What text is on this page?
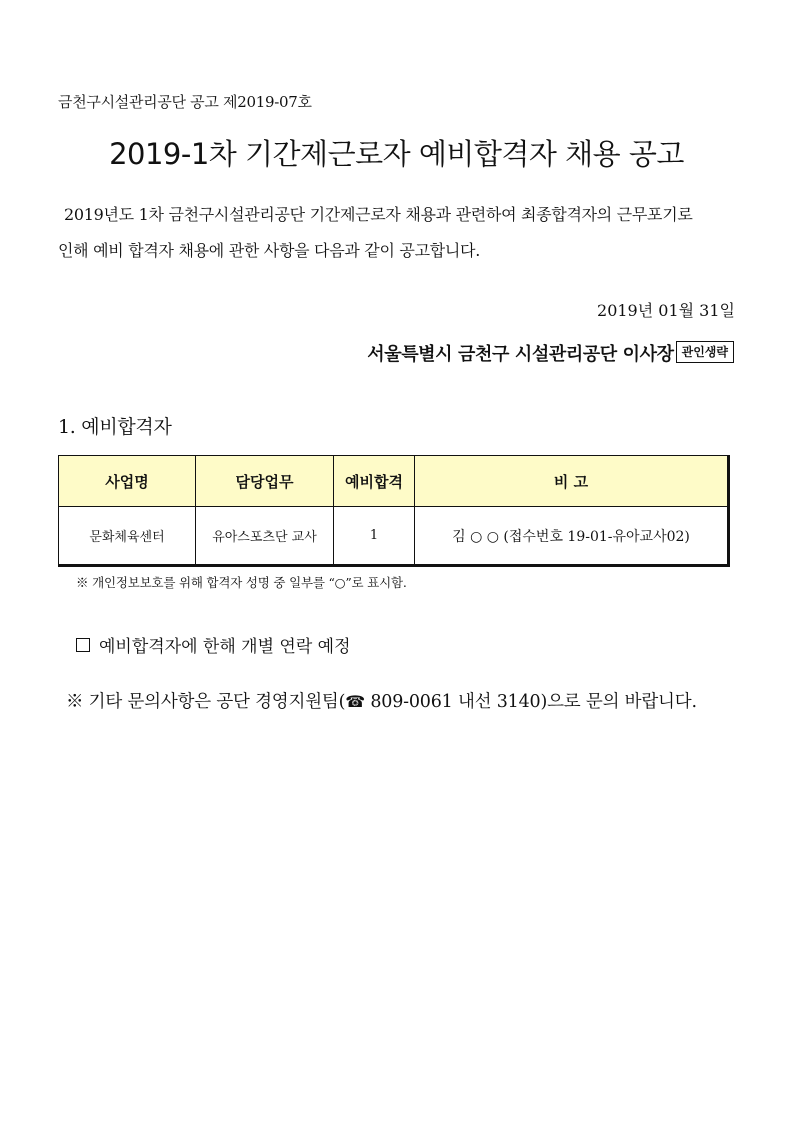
금천구시설관리공단 공고 제2019-07호
2019-1차 기간제근로자 예비합격자 채용 공고
2019년도 1차 금천구시설관리공단 기간제근로자 채용과 관련하여 최종합격자의 근무포기로
인해 예비 합격자 채용에 관한 사항을 다음과 같이 공고합니다.
2019년 01월 31일
서울특별시 금천구 시설관리공단 이사장 관인생략
1. 예비합격자
사업명	담당업무	예비합격	비 고
문화체육센터	유아스포츠단 교사	1	김 ○ ○ (접수번호 19-01-유아교사02)
※ 개인정보보호를 위해 합격자 성명 중 일부를 “○”로 표시함.
예비합격자에 한해 개별 연락 예정
※ 기타 문의사항은 공단 경영지원팀(☎ 809-0061 내선 3140)으로 문의 바랍니다.
